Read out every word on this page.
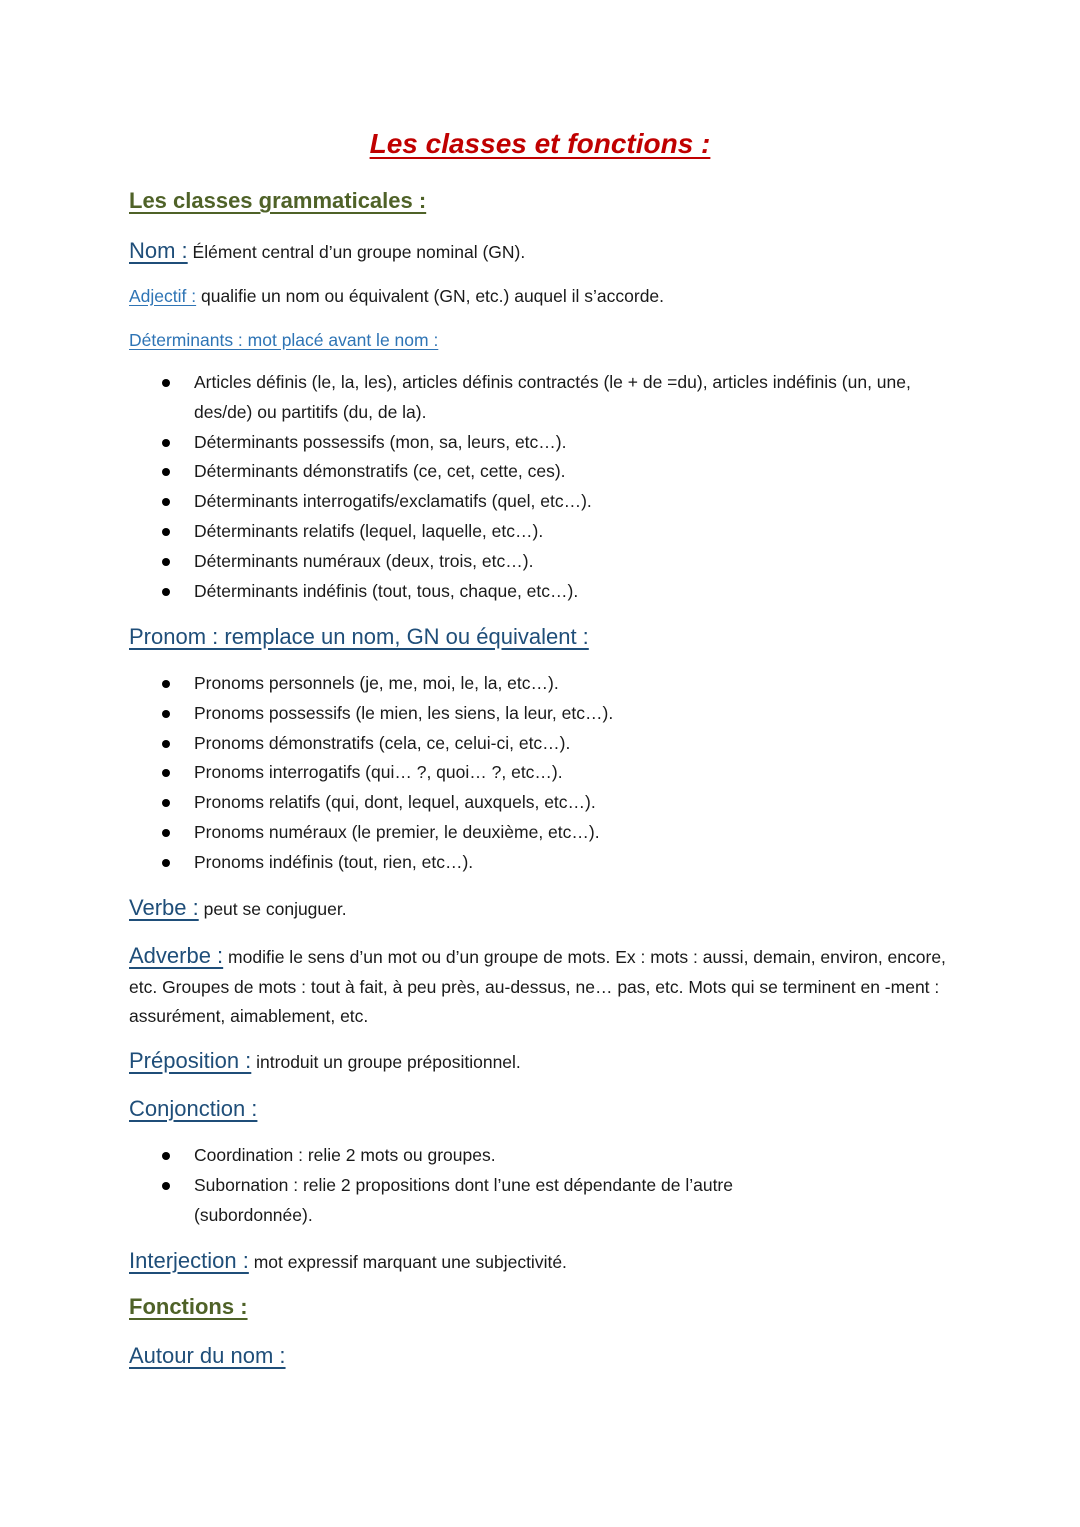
Les classes et fonctions :
Les classes grammaticales :
Nom : Élément central d’un groupe nominal (GN).
Adjectif : qualifie un nom ou équivalent (GN, etc.) auquel il s’accorde.
Déterminants : mot placé avant le nom :
Articles définis (le, la, les), articles définis contractés (le + de =du), articles indéfinis (un, une, des/de) ou partitifs (du, de la).
Déterminants possessifs (mon, sa, leurs, etc…).
Déterminants démonstratifs (ce, cet, cette, ces).
Déterminants interrogatifs/exclamatifs (quel, etc…).
Déterminants relatifs (lequel, laquelle, etc…).
Déterminants numéraux (deux, trois, etc…).
Déterminants indéfinis (tout, tous, chaque, etc…).
Pronom : remplace un nom, GN ou équivalent :
Pronoms personnels (je, me, moi, le, la, etc…).
Pronoms possessifs (le mien, les siens, la leur, etc…).
Pronoms démonstratifs (cela, ce, celui-ci, etc…).
Pronoms interrogatifs (qui… ?, quoi… ?, etc…).
Pronoms relatifs (qui, dont, lequel, auxquels, etc…).
Pronoms numéraux (le premier, le deuxième, etc…).
Pronoms indéfinis (tout, rien, etc…).
Verbe : peut se conjuguer.
Adverbe : modifie le sens d’un mot ou d’un groupe de mots. Ex : mots : aussi, demain, environ, encore, etc. Groupes de mots : tout à fait, à peu près, au-dessus, ne… pas, etc. Mots qui se terminent en -ment : assurément, aimablement, etc.
Préposition : introduit un groupe prépositionnel.
Conjonction :
Coordination : relie 2 mots ou groupes.
Subornation : relie 2 propositions dont l’une est dépendante de l’autre (subordonnée).
Interjection : mot expressif marquant une subjectivité.
Fonctions :
Autour du nom :
